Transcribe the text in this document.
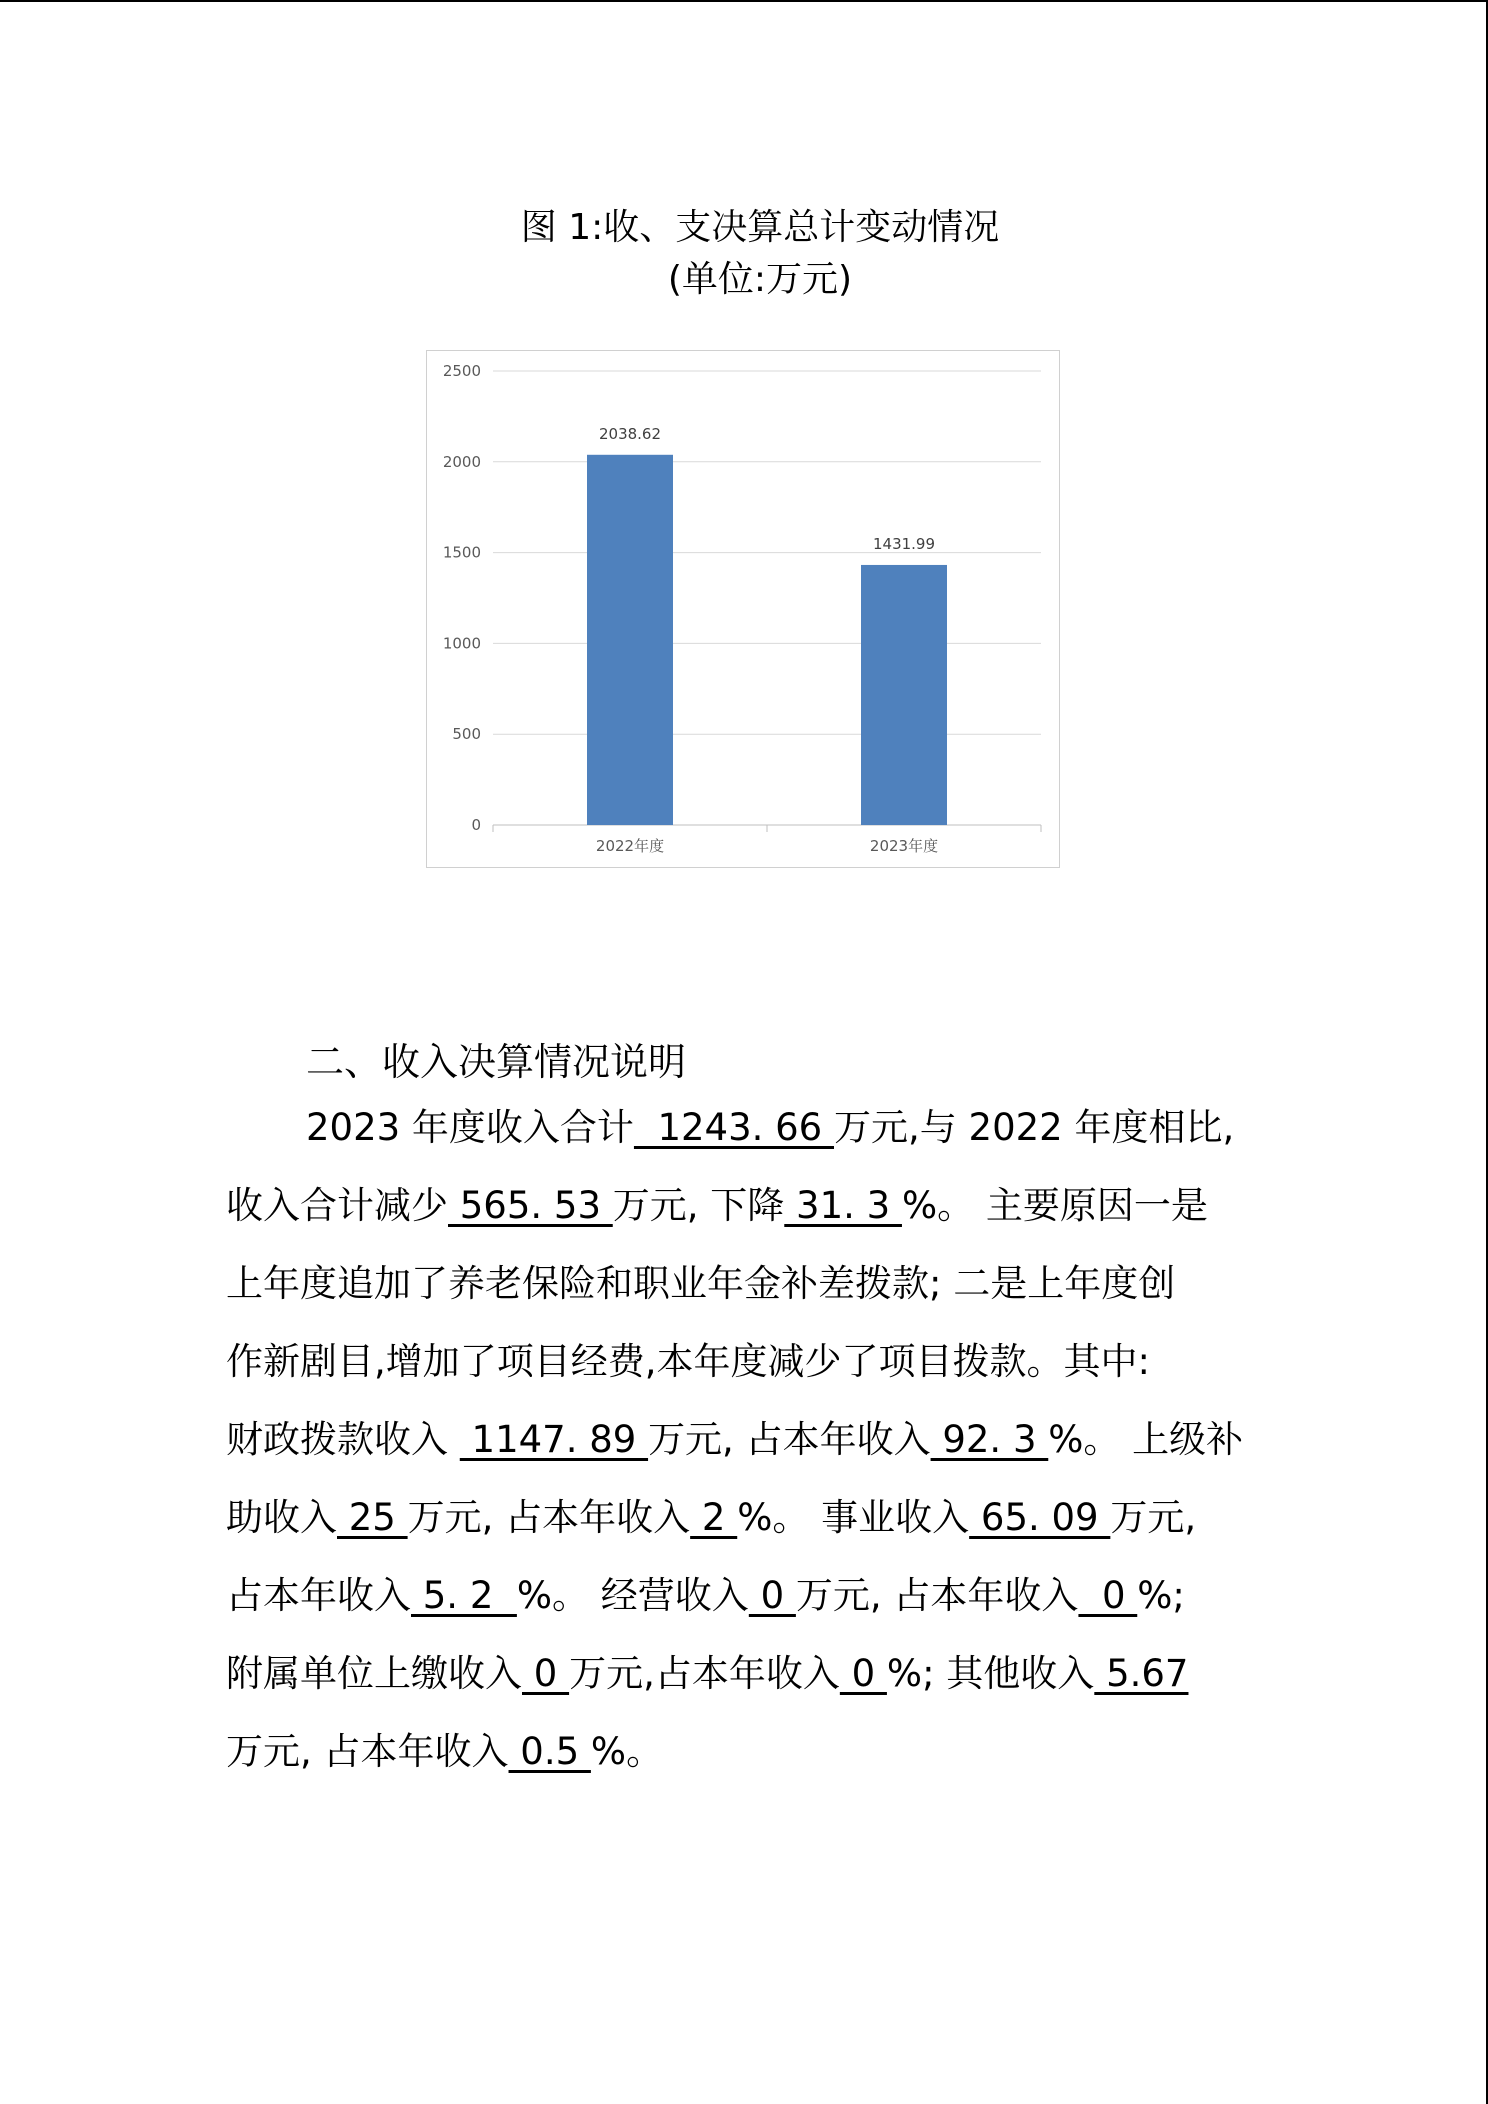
图 1:收、支决算总计变动情况
(单位:万元)
0
500
1000
1500
2000
2500
2038.62
2022年度
1431.99
2023年度
二、收入决算情况说明
2023 年度收入合计  1243. 66 万元,与 2022 年度相比,
收入合计减少 565. 53 万元, 下降 31. 3 %。 主要原因一是
上年度追加了养老保险和职业年金补差拨款; 二是上年度创
作新剧目,增加了项目经费,本年度减少了项目拨款。其中:
财政拨款收入  1147. 89 万元, 占本年收入 92. 3 %。 上级补
助收入 25 万元, 占本年收入 2 %。 事业收入 65. 09 万元,
占本年收入 5. 2  %。 经营收入 0 万元, 占本年收入  0 %;
附属单位上缴收入 0 万元,占本年收入 0 %; 其他收入 5.67
万元, 占本年收入 0.5 %。
